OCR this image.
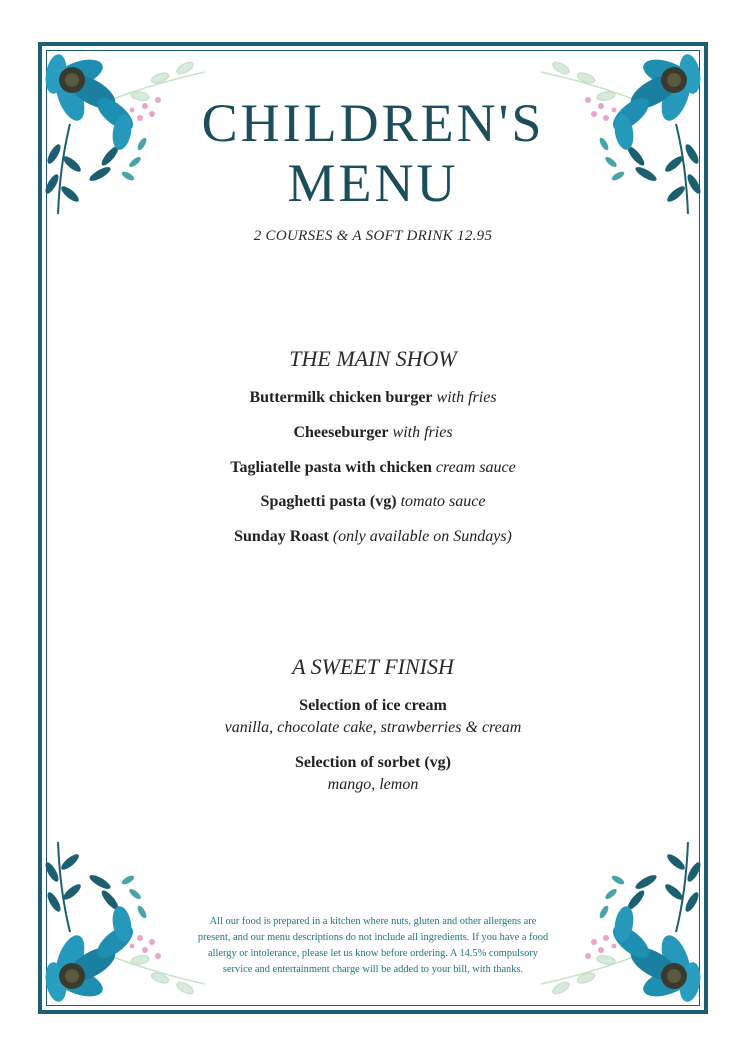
CHILDREN'S
MENU
2 COURSES & A SOFT DRINK 12.95
THE MAIN SHOW
Buttermilk chicken burger with fries
Cheeseburger with fries
Tagliatelle pasta with chicken cream sauce
Spaghetti pasta (vg) tomato sauce
Sunday Roast (only available on Sundays)
A SWEET FINISH
Selection of ice cream
vanilla, chocolate cake, strawberries & cream
Selection of sorbet (vg)
mango, lemon
All our food is prepared in a kitchen where nuts, gluten and other allergens are
present, and our menu descriptions do not include all ingredients. If you have a food
allergy or intolerance, please let us know before ordering. A 14.5% compulsory
service and entertainment charge will be added to your bill, with thanks.
